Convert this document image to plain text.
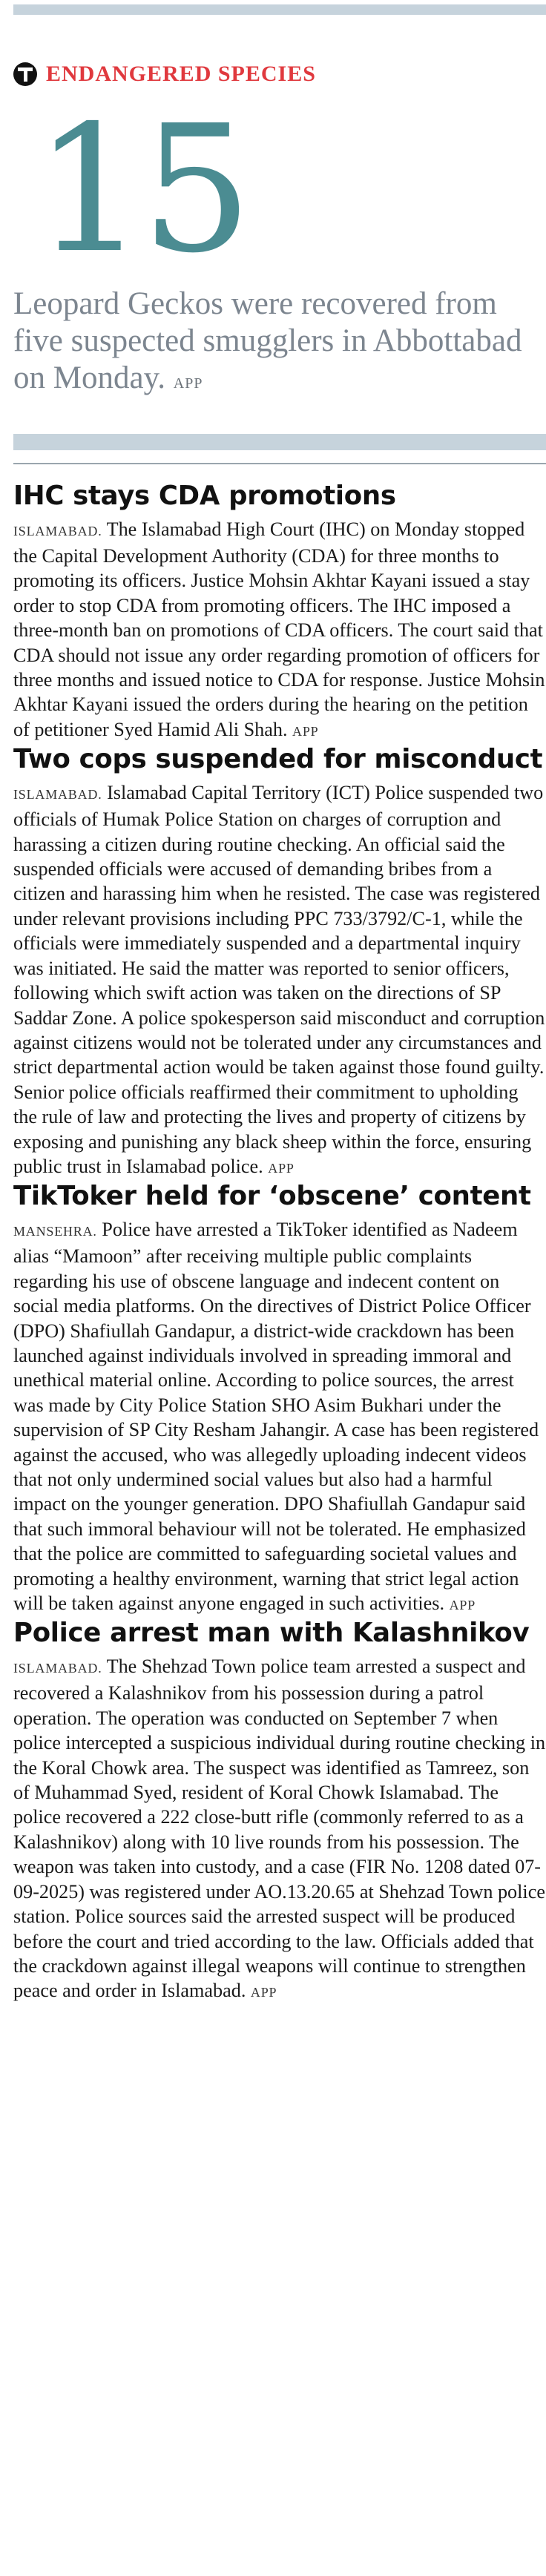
ENDANGERED SPECIES
15
Leopard Geckos were recovered from five suspected smugglers in Abbottabad on Monday. APP
IHC stays CDA promotions

ISLAMABAD. The Islamabad High Court (IHC) on Monday stopped the Capital Development Authority (CDA) for three months to promoting its officers. Justice Mohsin Akhtar Kayani issued a stay order to stop CDA from promoting officers. The IHC imposed a three-month ban on promotions of CDA officers. The court said that CDA should not issue any order regarding promotion of officers for three months and issued notice to CDA for response. Justice Mohsin Akhtar Kayani issued the orders during the hearing on the petition of petitioner Syed Hamid Ali Shah. APP

Two cops suspended for misconduct

ISLAMABAD. Islamabad Capital Territory (ICT) Police suspended two officials of Humak Police Station on charges of corruption and harassing a citizen during routine checking. An official said the suspended officials were accused of demanding bribes from a citizen and harassing him when he resisted. The case was registered under relevant provisions including PPC 733/3792/C-1, while the officials were immediately suspended and a departmental inquiry was initiated. He said the matter was reported to senior officers, following which swift action was taken on the directions of SP Saddar Zone. A police spokesperson said misconduct and corruption against citizens would not be tolerated under any circumstances and strict departmental action would be taken against those found guilty. Senior police officials reaffirmed their commitment to upholding the rule of law and protecting the lives and property of citizens by exposing and punishing any black sheep within the force, ensuring public trust in Islamabad police. APP

TikToker held for ‘obscene’ content

MANSEHRA. Police have arrested a TikToker identified as Nadeem alias “Mamoon” after receiving multiple public complaints regarding his use of obscene language and indecent content on social media platforms. On the directives of District Police Officer (DPO) Shafiullah Gandapur, a district-wide crackdown has been launched against individuals involved in spreading immoral and unethical material online. According to police sources, the arrest was made by City Police Station SHO Asim Bukhari under the supervision of SP City Resham Jahangir. A case has been registered against the accused, who was allegedly uploading indecent videos that not only undermined social values but also had a harmful impact on the younger generation. DPO Shafiullah Gandapur said that such immoral behaviour will not be tolerated. He emphasized that the police are committed to safeguarding societal values and promoting a healthy environment, warning that strict legal action will be taken against anyone engaged in such activities. APP

Police arrest man with Kalashnikov

ISLAMABAD. The Shehzad Town police team arrested a suspect and recovered a Kalashnikov from his possession during a patrol operation. The operation was conducted on September 7 when police intercepted a suspicious individual during routine checking in the Koral Chowk area. The suspect was identified as Tamreez, son of Muhammad Syed, resident of Koral Chowk Islamabad. The police recovered a 222 close-butt rifle (commonly referred to as a Kalashnikov) along with 10 live rounds from his possession. The weapon was taken into custody, and a case (FIR No. 1208 dated 07-09-2025) was registered under AO.13.20.65 at Shehzad Town police station. Police sources said the arrested suspect will be produced before the court and tried according to the law. Officials added that the crackdown against illegal weapons will continue to strengthen peace and order in Islamabad. APP
